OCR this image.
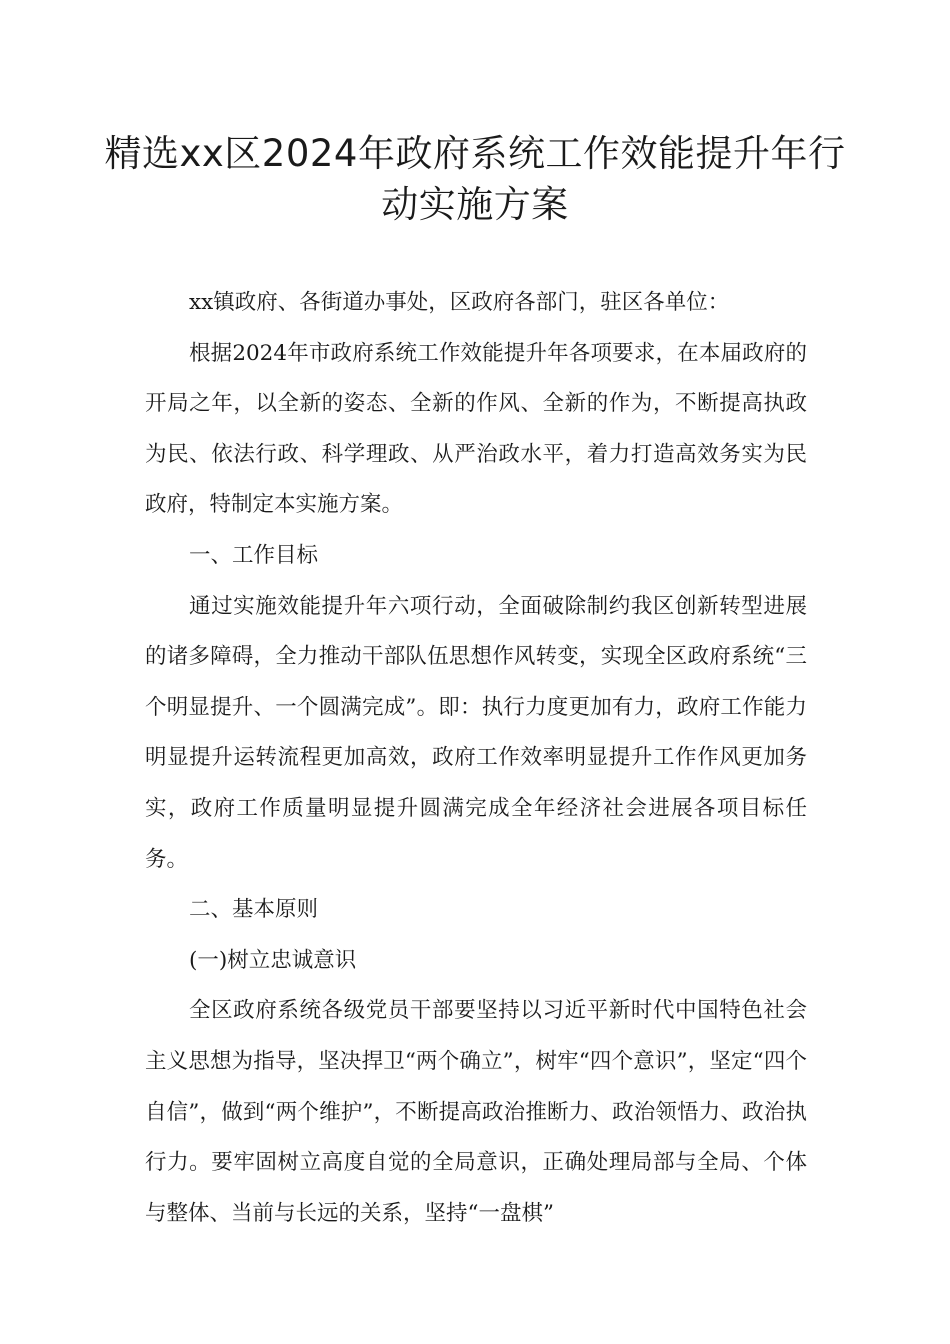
精选xx区2024年政府系统工作效能提升年行动实施方案

xx镇政府、各街道办事处，区政府各部门，驻区各单位：

根据2024年市政府系统工作效能提升年各项要求，在本届政府的开局之年，以全新的姿态、全新的作风、全新的作为，不断提高执政为民、依法行政、科学理政、从严治政水平，着力打造高效务实为民政府，特制定本实施方案。

一、工作目标

通过实施效能提升年六项行动，全面破除制约我区创新转型进展的诸多障碍，全力推动干部队伍思想作风转变，实现全区政府系统“三个明显提升、一个圆满完成”。即：执行力度更加有力，政府工作能力明显提升运转流程更加高效，政府工作效率明显提升工作作风更加务实，政府工作质量明显提升圆满完成全年经济社会进展各项目标任务。

二、基本原则

(一)树立忠诚意识

全区政府系统各级党员干部要坚持以习近平新时代中国特色社会主义思想为指导，坚决捍卫“两个确立”，树牢“四个意识”，坚定“四个自信”，做到“两个维护”，不断提高政治推断力、政治领悟力、政治执行力。要牢固树立高度自觉的全局意识，正确处理局部与全局、个体与整体、当前与长远的关系，坚持“一盘棋”
